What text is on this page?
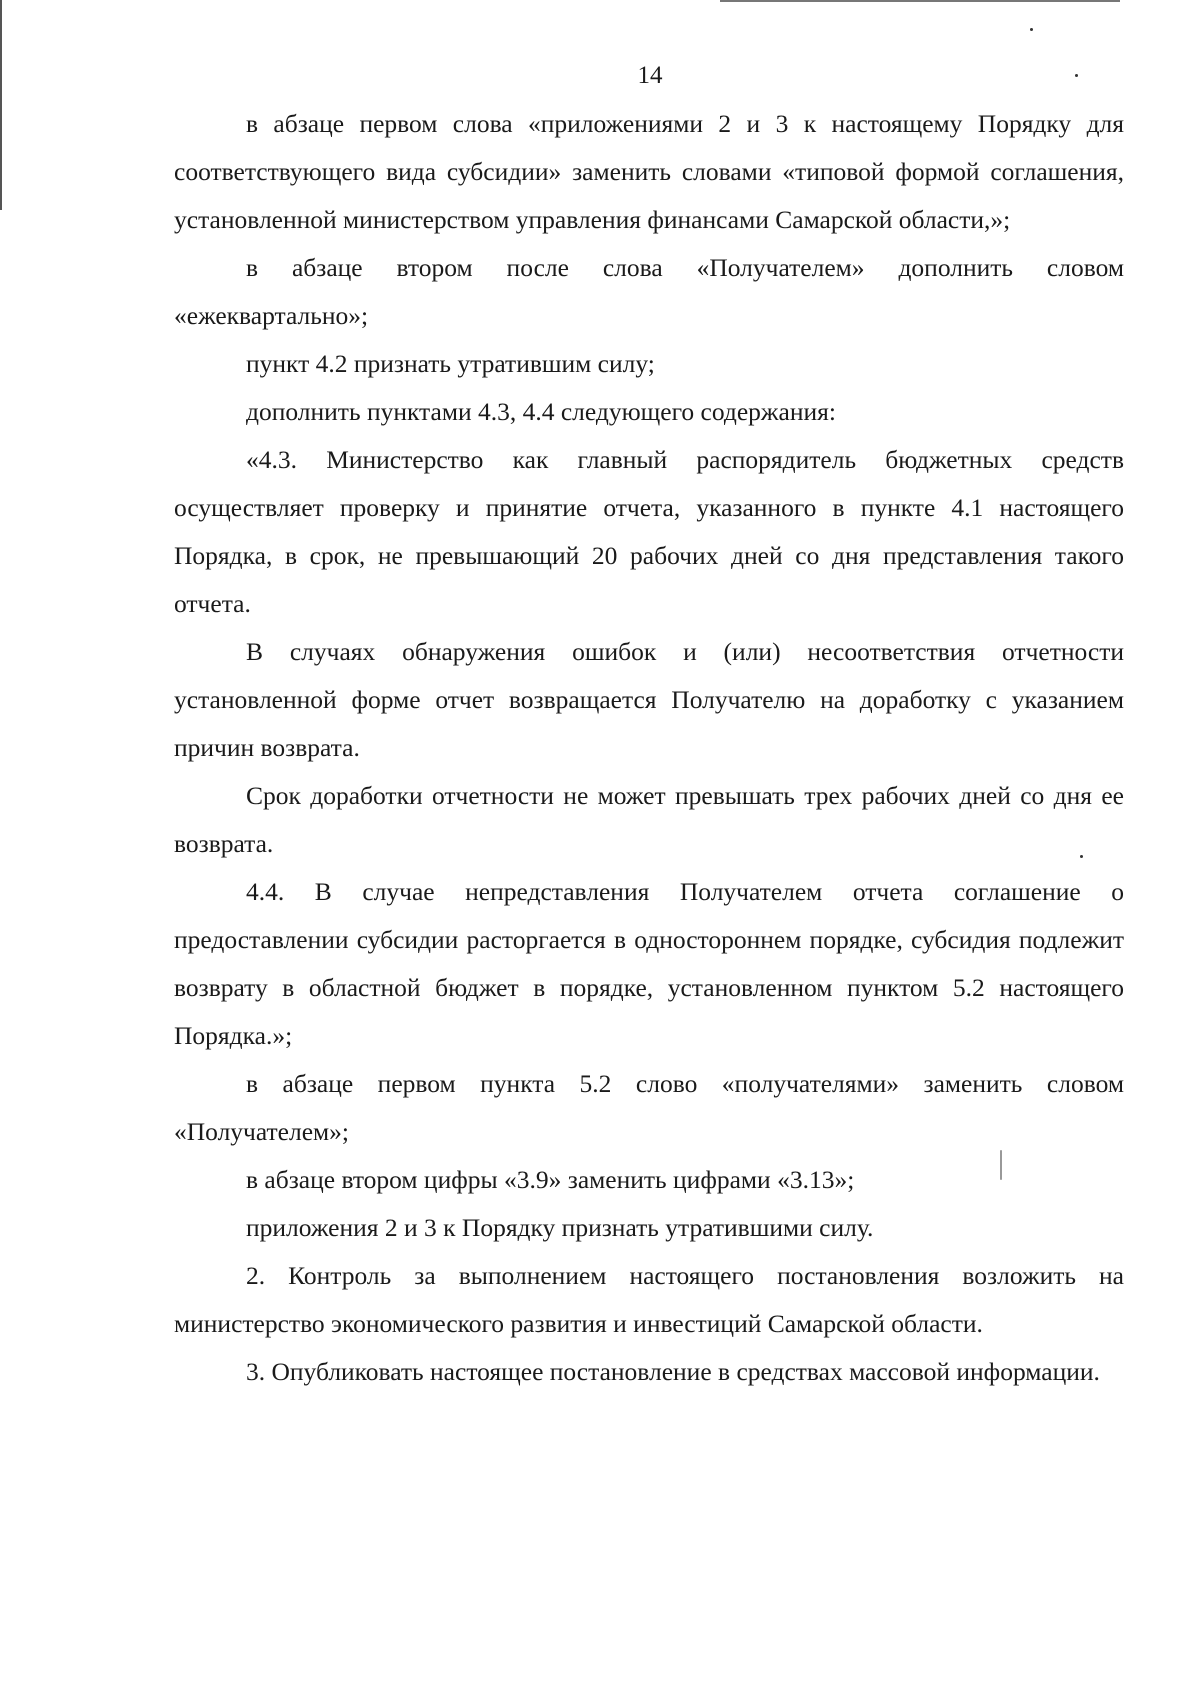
14

в абзаце первом слова «приложениями 2 и 3 к настоящему Порядку для соответствующего вида субсидии» заменить словами «типовой формой соглашения, установленной министерством управления финансами Самарской области,»;

в абзаце втором после слова «Получателем» дополнить словом «ежеквартально»;

пункт 4.2 признать утратившим силу;

дополнить пунктами 4.3, 4.4 следующего содержания:

«4.3. Министерство как главный распорядитель бюджетных средств осуществляет проверку и принятие отчета, указанного в пункте 4.1 настоящего Порядка, в срок, не превышающий 20 рабочих дней со дня представления такого отчета.

В случаях обнаружения ошибок и (или) несоответствия отчетности установленной форме отчет возвращается Получателю на доработку с указанием причин возврата.

Срок доработки отчетности не может превышать трех рабочих дней со дня ее возврата.

4.4. В случае непредставления Получателем отчета соглашение о предоставлении субсидии расторгается в одностороннем порядке, субсидия подлежит возврату в областной бюджет в порядке, установленном пунктом 5.2 настоящего Порядка.»;

в абзаце первом пункта 5.2 слово «получателями» заменить словом «Получателем»;

в абзаце втором цифры «3.9» заменить цифрами «3.13»;

приложения 2 и 3 к Порядку признать утратившими силу.

2. Контроль за выполнением настоящего постановления возложить на министерство экономического развития и инвестиций Самарской области.

3. Опубликовать настоящее постановление в средствах массовой информации.
